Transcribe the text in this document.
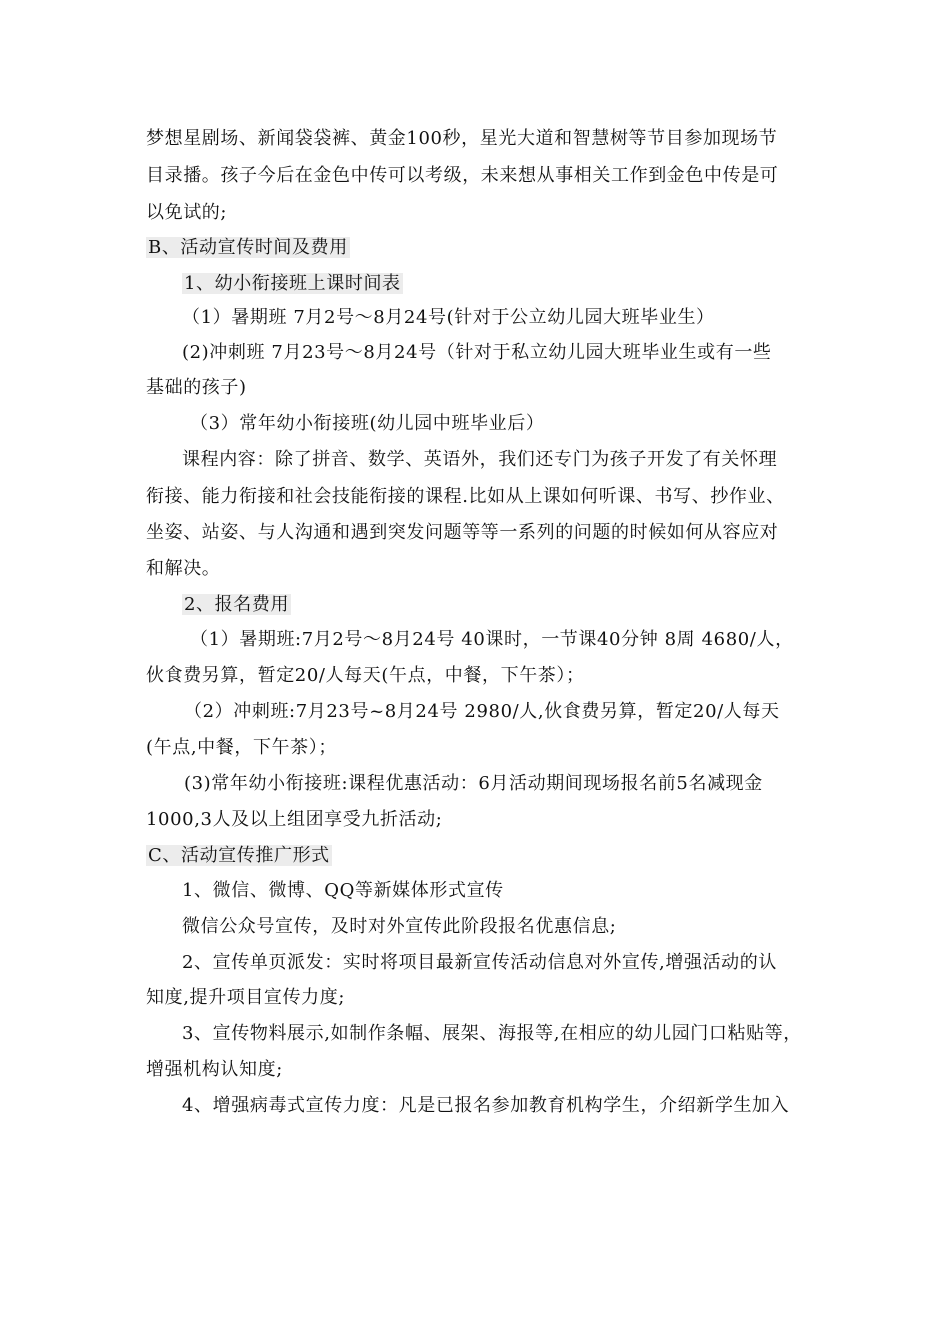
梦想星剧场、新闻袋袋裤、黄金100秒，星光大道和智慧树等节目参加现场节
目录播。孩子今后在金色中传可以考级，未来想从事相关工作到金色中传是可
以免试的;
B、活动宣传时间及费用
1、幼小衔接班上课时间表
（1）暑期班 7月2号～8月24号(针对于公立幼儿园大班毕业生）
(2)冲刺班 7月23号～8月24号（针对于私立幼儿园大班毕业生或有一些
基础的孩子)
（3）常年幼小衔接班(幼儿园中班毕业后）
课程内容：除了拼音、数学、英语外，我们还专门为孩子开发了有关怀理
衔接、能力衔接和社会技能衔接的课程.比如从上课如何听课、书写、抄作业、
坐姿、站姿、与人沟通和遇到突发问题等等一系列的问题的时候如何从容应对
和解决。
2、报名费用
（1）暑期班:7月2号～8月24号 40课时，一节课40分钟 8周 4680/人，
伙食费另算，暂定20/人每天(午点，中餐，下午茶）；
（2）冲刺班:7月23号~8月24号 2980/人,伙食费另算，暂定20/人每天
(午点,中餐，下午茶）；
(3)常年幼小衔接班:课程优惠活动：6月活动期间现场报名前5名减现金
1000,3人及以上组团享受九折活动;
C、活动宣传推广形式
1、微信、微博、QQ等新媒体形式宣传
微信公众号宣传，及时对外宣传此阶段报名优惠信息;
2、宣传单页派发：实时将项目最新宣传活动信息对外宣传,增强活动的认
知度,提升项目宣传力度;
3、宣传物料展示,如制作条幅、展架、海报等,在相应的幼儿园门口粘贴等，
增强机构认知度;
4、增强病毒式宣传力度：凡是已报名参加教育机构学生，介绍新学生加入
